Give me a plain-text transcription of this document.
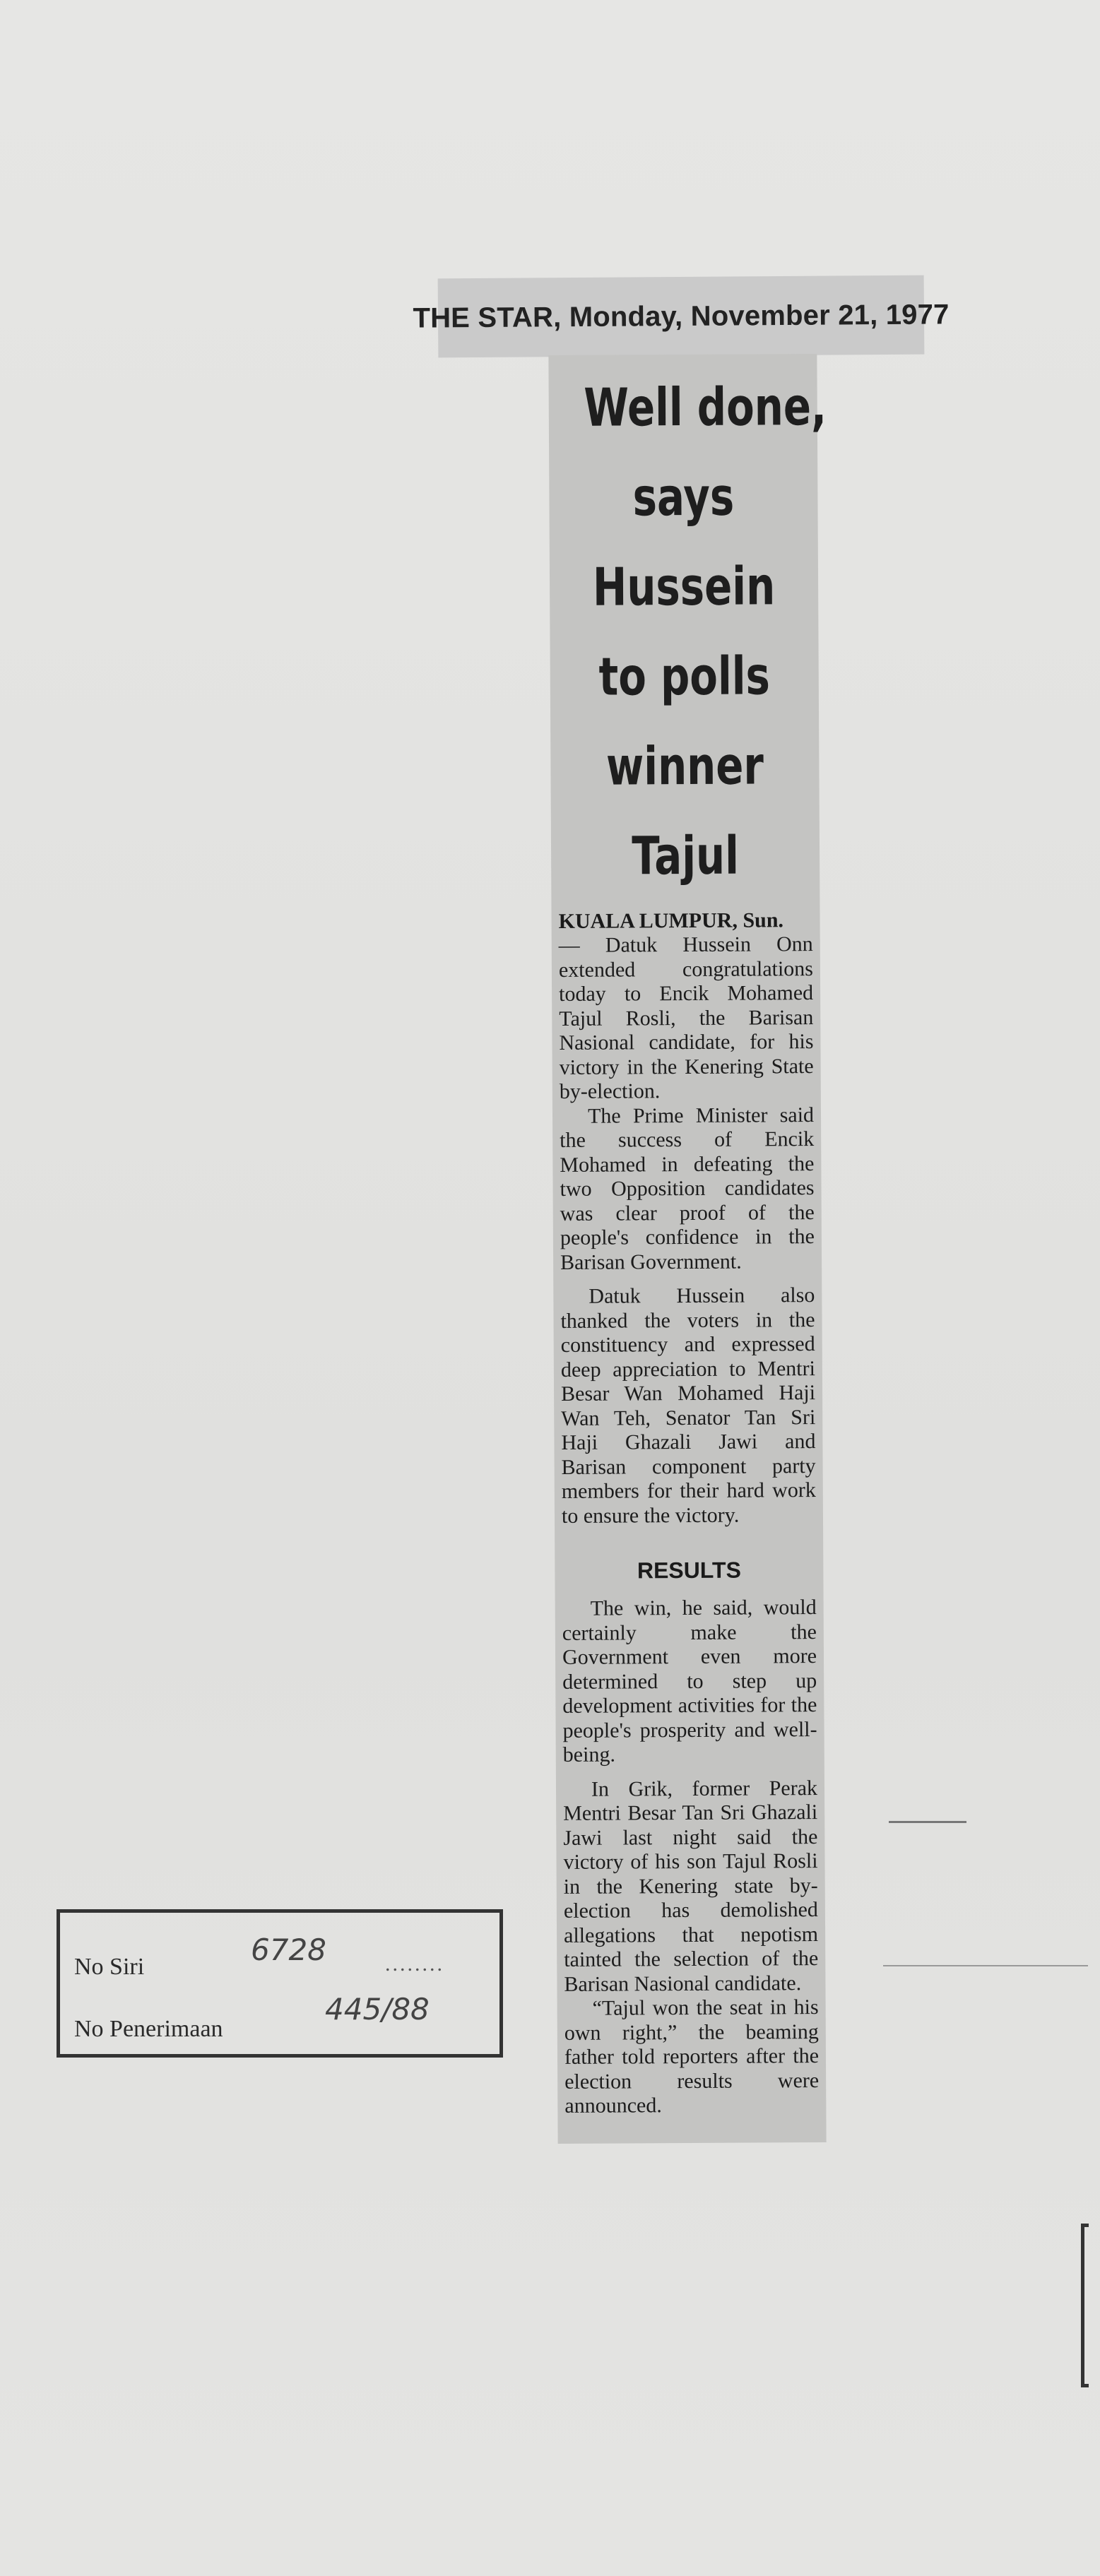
THE STAR, Monday, November 21, 1977
Well done,
says
Hussein
to polls
winner
Tajul
KUALA LUMPUR, Sun.

— Datuk Hussein Onn extended congratulations today to Encik Mohamed Tajul Rosli, the Barisan Nasional candidate, for his victory in the Kenering State by-election.

The Prime Minister said the success of Encik Mohamed in defeating the two Opposition candidates was clear proof of the people's confidence in the Barisan Government.

Datuk Hussein also thanked the voters in the constituency and expressed deep appreciation to Mentri Besar Wan Mohamed Haji Wan Teh, Senator Tan Sri Haji Ghazali Jawi and Barisan component party members for their hard work to ensure the victory.

RESULTS

The win, he said, would certainly make the Government even more determined to step up development activities for the people's prosperity and well-being.

In Grik, former Perak Mentri Besar Tan Sri Ghazali Jawi last night said the victory of his son Tajul Rosli in the Kenering state by-election has demolished allegations that nepotism tainted the selection of the Barisan Nasional candidate.

“Tajul won the seat in his own right,” the beaming father told reporters after the election results were announced.

No Siri	6728	........
No Penerimaan
445/88
